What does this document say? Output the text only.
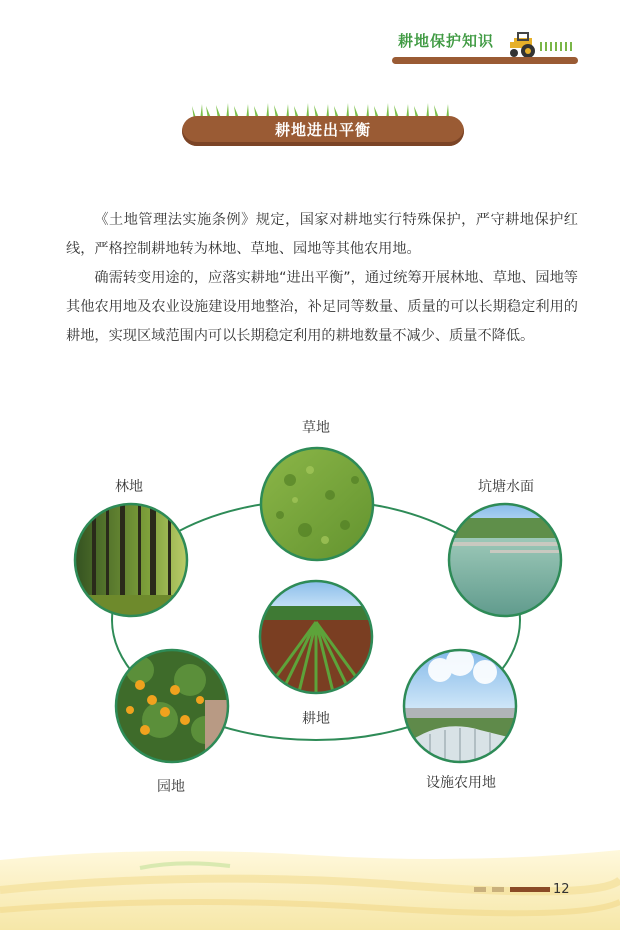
耕地保护知识
耕地进出平衡

《土地管理法实施条例》规定，国家对耕地实行特殊保护，严守耕地保护红线，严格控制耕地转为林地、草地、园地等其他农用地。

确需转变用途的，应落实耕地“进出平衡”，通过统筹开展林地、草地、园地等其他农用地及农业设施建设用地整治，补足同等数量、质量的可以长期稳定利用的耕地，实现区域范围内可以长期稳定利用的耕地数量不减少、质量不降低。

草地
林地	坑塘水面
耕地
园地	设施农用地
12
